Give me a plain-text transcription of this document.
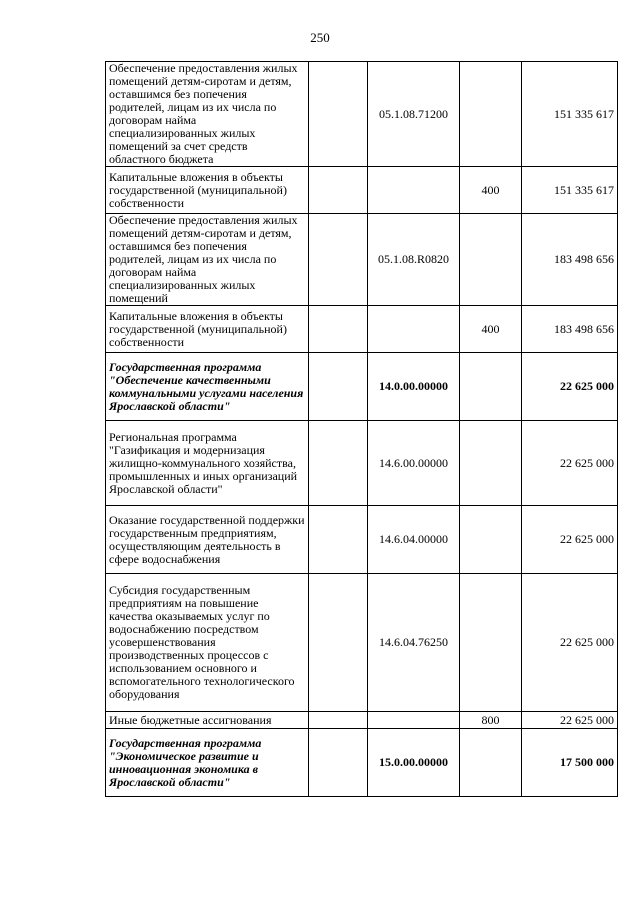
250
Обеспечение предоставления жилых помещений детям-сиротам и детям, оставшимся без попечения родителей, лицам из их числа по договорам найма специализированных жилых помещений за счет средств областного бюджета		05.1.08.71200		151 335 617
Капитальные вложения в объекты государственной (муниципальной) собственности			400	151 335 617
Обеспечение предоставления жилых помещений детям-сиротам и детям, оставшимся без попечения родителей, лицам из их числа по договорам найма специализированных жилых помещений		05.1.08.R0820		183 498 656
Капитальные вложения в объекты государственной (муниципальной) собственности			400	183 498 656
Государственная программа "Обеспечение качественными коммунальными услугами населения Ярославской области"		14.0.00.00000		22 625 000
Региональная программа "Газификация и модернизация жилищно-коммунального хозяйства, промышленных и иных организаций Ярославской области"		14.6.00.00000		22 625 000
Оказание государственной поддержки государственным предприятиям, осуществляющим деятельность в сфере водоснабжения		14.6.04.00000		22 625 000
Субсидия государственным предприятиям на повышение качества оказываемых услуг по водоснабжению посредством усовершенствования производственных процессов с использованием основного и вспомогательного технологического оборудования		14.6.04.76250		22 625 000
Иные бюджетные ассигнования			800	22 625 000
Государственная программа "Экономическое развитие и инновационная экономика в Ярославской области"		15.0.00.00000		17 500 000
